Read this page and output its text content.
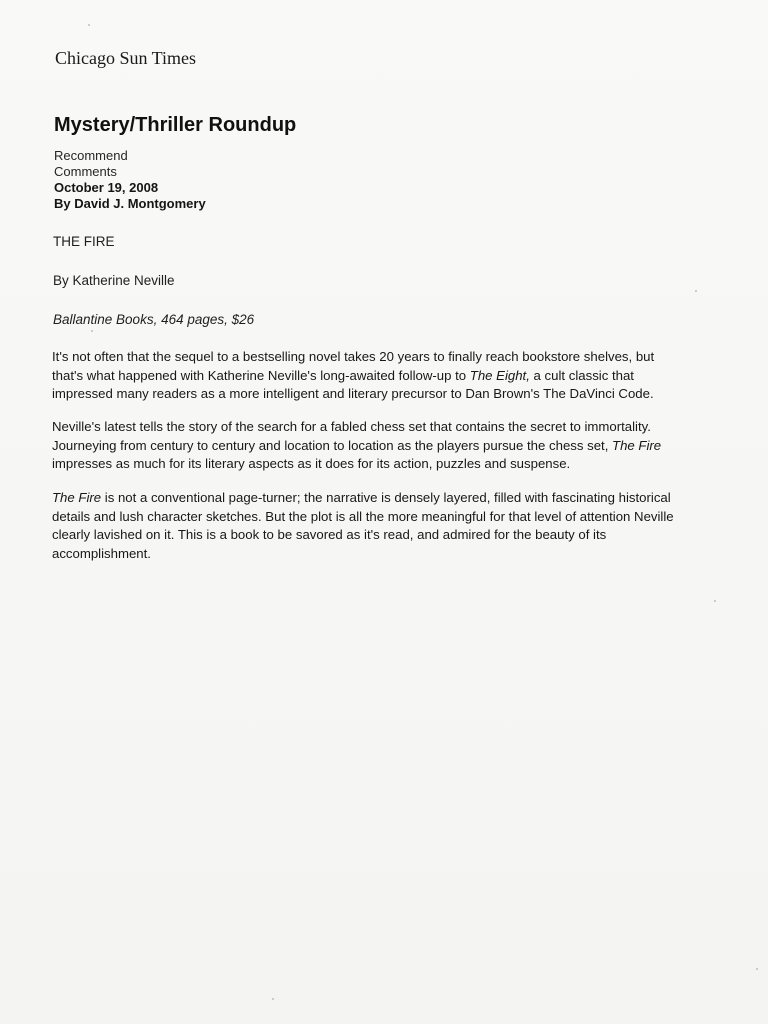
Chicago Sun Times
Mystery/Thriller Roundup
Recommend
Comments
October 19, 2008
By David J. Montgomery
THE FIRE
By Katherine Neville
Ballantine Books, 464 pages, $26

It's not often that the sequel to a bestselling novel takes 20 years to finally reach bookstore shelves, but
that's what happened with Katherine Neville's long-awaited follow-up to The Eight, a cult classic that
impressed many readers as a more intelligent and literary precursor to Dan Brown's The DaVinci Code.

Neville's latest tells the story of the search for a fabled chess set that contains the secret to immortality.
Journeying from century to century and location to location as the players pursue the chess set, The Fire
impresses as much for its literary aspects as it does for its action, puzzles and suspense.

The Fire is not a conventional page-turner; the narrative is densely layered, filled with fascinating historical
details and lush character sketches. But the plot is all the more meaningful for that level of attention Neville
clearly lavished on it. This is a book to be savored as it's read, and admired for the beauty of its
accomplishment.
